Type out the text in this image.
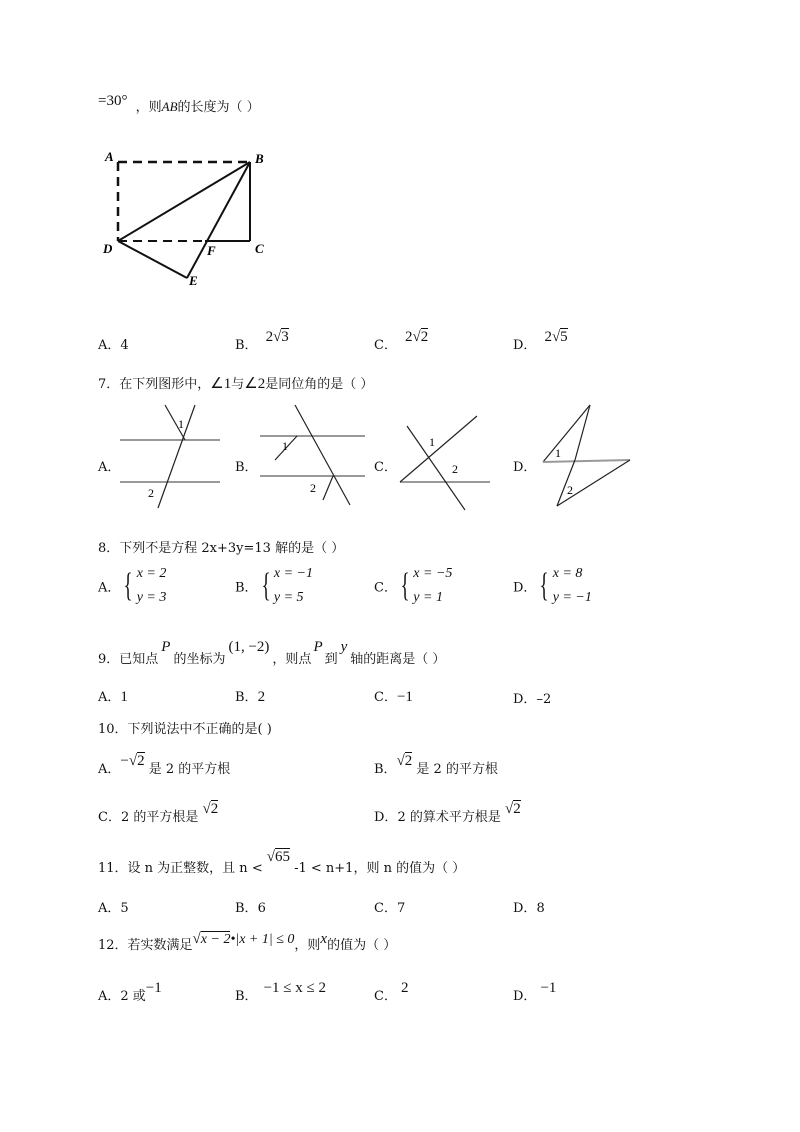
=30° ，则AB的长度为（ ）
A	B
C
D
E
F
A．4	B．2√3
C．2√2
D．2√5
7．在下列图形中，∠1与∠2是同位角的是（ ）
A．
1
2
B．
1
2
C．
1
2	D．
1
2
8．下列不是方程 2x+3y=13 解的是（ ）
A． { x = 2
y = 3
B． { x = −1
y = 5
C． { x = −5
y = 1
D． { x = 8
y = −1
9．已知点P的坐标为(1, −2)，则点P到y轴的距离是（ ）
A．1	B．2	C．−1	D．–2
10．下列说法中不正确的是( )
A．−√2 是 2 的平方根	B．√2 是 2 的平方根
C．2 的平方根是 √2
D．2 的算术平方根是 √2
11．设 n 为正整数，且 n <√65 -1 < n+1，则 n 的值为（ ）
A．5	B．6	C．7	D．8
12．若实数满足√x − 2•|x + 1| ≤ 0，则x的值为（ ）
A．2 或−1
B．−1 ≤ x ≤ 2
C．2
D．−1
